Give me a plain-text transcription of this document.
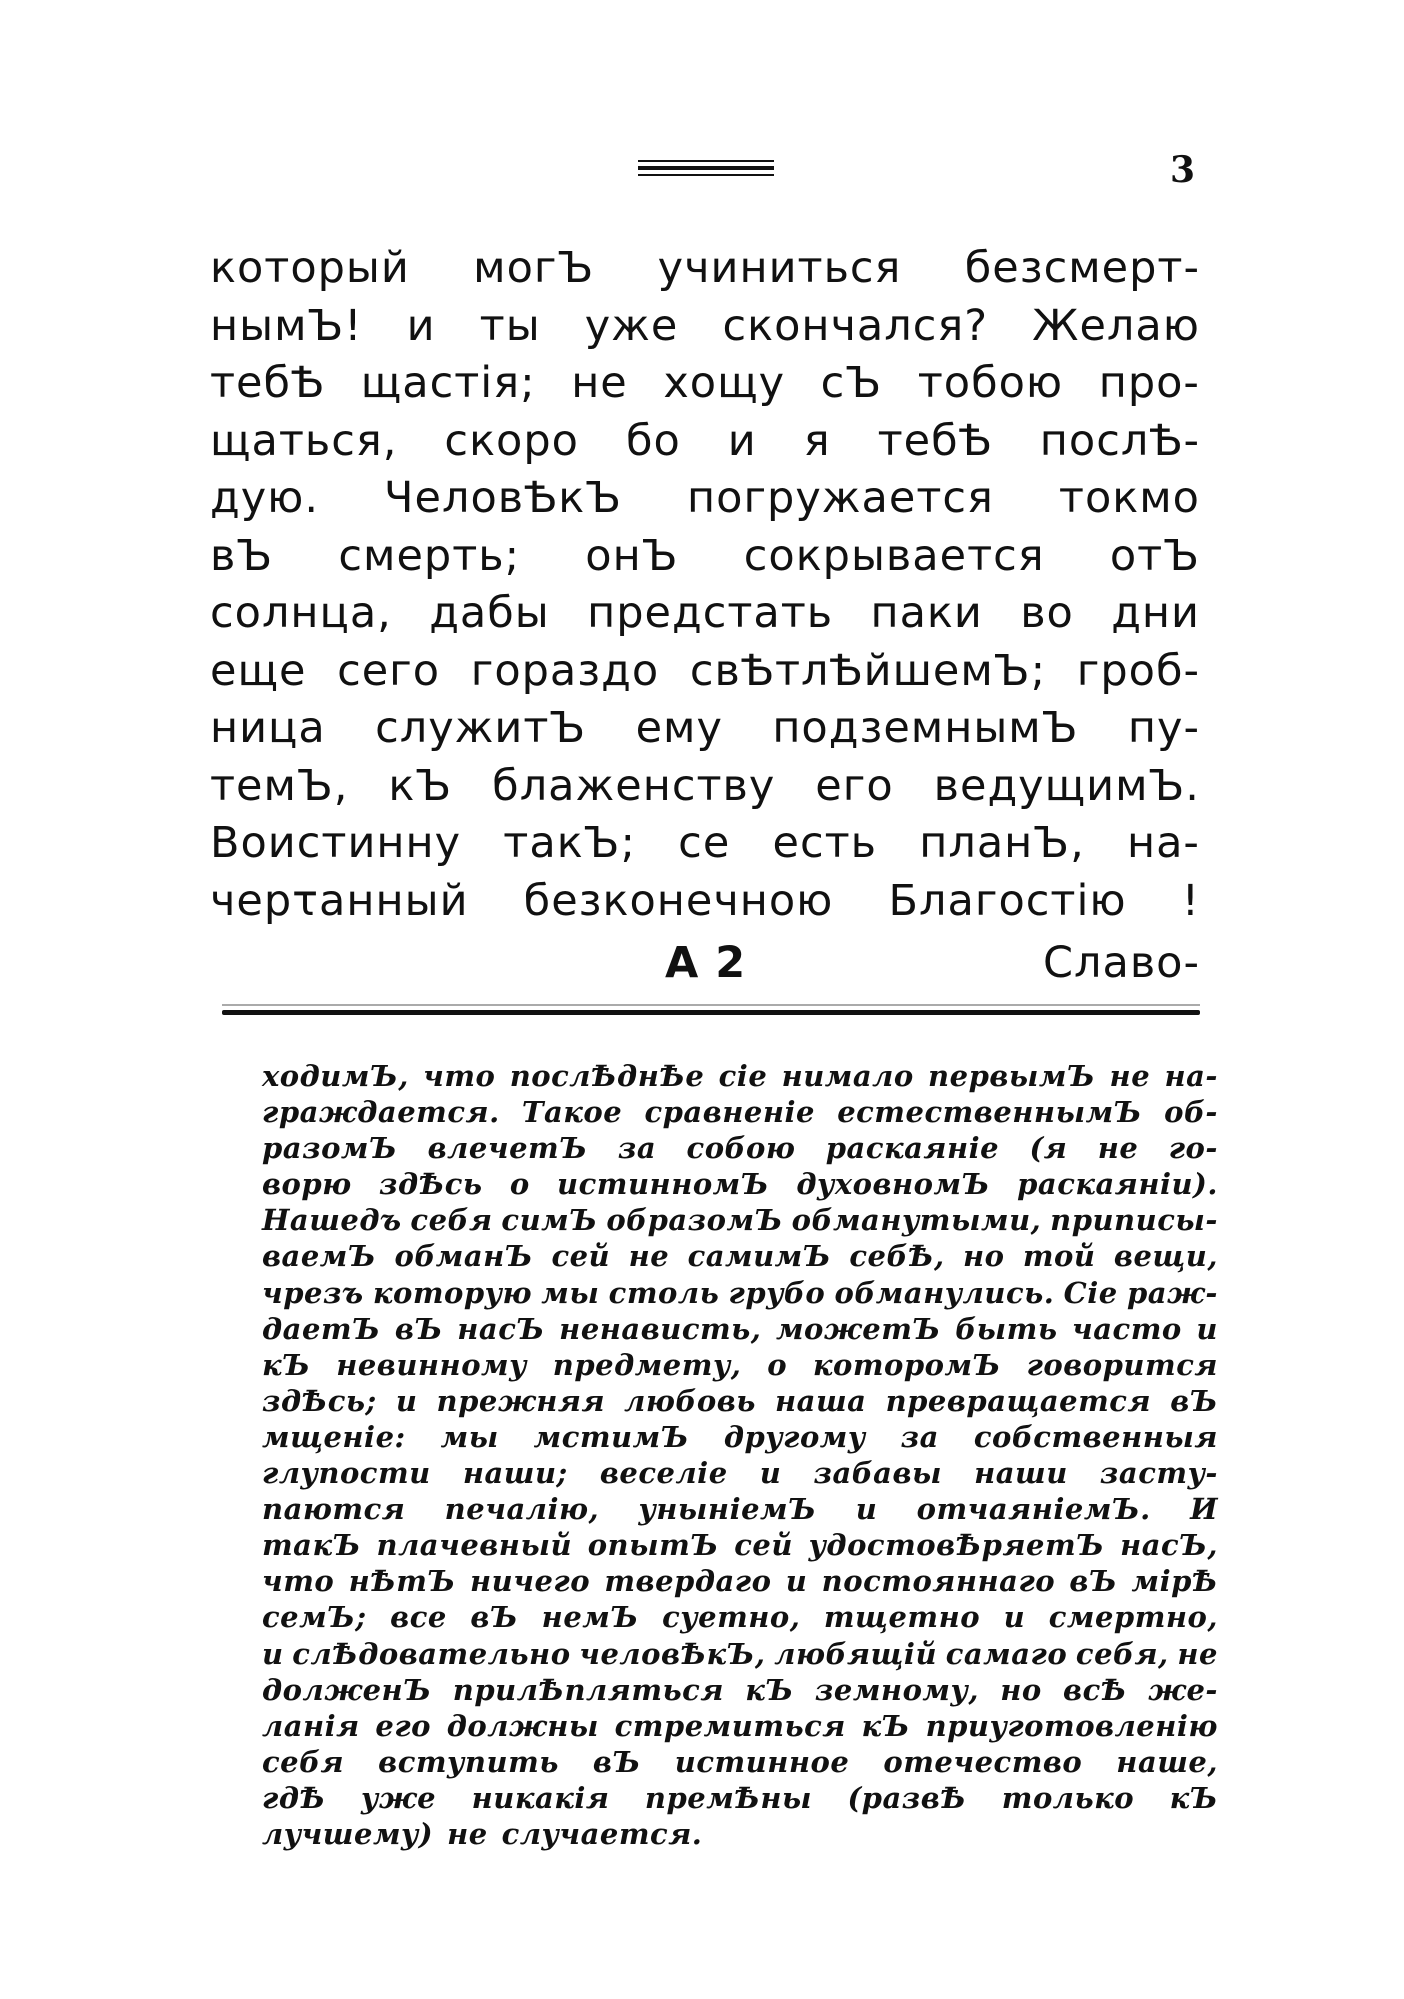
3
который могЪ учиниться безсмерт-
нымЪ! и ты уже скончался? Желаю
тебѢ щастія; не хощу сЪ тобою про-
щаться, скоро бо и я тебѢ послѢ-
дую. ЧеловѢкЪ погружается токмо
вЪ смерть; онЪ сокрывается отЪ
солнца, дабы предстать паки во дни
еще сего гораздо свѢтлѢйшемЪ; гроб-
ница служитЪ ему подземнымЪ пу-
темЪ, кЪ блаженству его ведущимЪ.
Воистинну такЪ; се есть планЪ, на-
черτанный безконечною Благостію !
A 2	Славо-
ходимЪ, что послѢднѢе сіе нимало первымЪ не на-
граждается. Такое сравненіе естественнымЪ об-
разомЪ влечетЪ за собою раскаяніе (я не го-
ворю здѢсь о истинномЪ духовномЪ раскаяніи).
Нашедъ себя симЪ образомЪ обманутыми, приписы-
ваемЪ обманЪ сей не самимЪ себѢ, но той вещи,
чрезъ которую мы столь грубо обманулись. Сіе раж-
даетЪ вЪ насЪ ненависть, можетЪ быть часто и
кЪ невинному предмету, о которомЪ говорится
здѢсь; и прежняя любовь наша превращается вЪ
мщеніе: мы мстимЪ другому за собственныя
глупости наши; веселіе и забавы наши засту-
паются печалію, уныніемЪ и отчаяніемЪ. И
такЪ плачевный опытЪ сей удостовѢряетЪ насЪ,
что нѢтЪ ничего твердаго и постояннаго вЪ мірѢ
семЪ; все вЪ немЪ суетно, тщетно и смертно,
и слѢдовательно человѢкЪ, любящій самаго себя, не
долженЪ прилѢпляться кЪ земному, но всѢ же-
ланія его должны стремиться кЪ приуготовленію
себя вступить вЪ истинное отечество наше,
гдѢ уже никакія премѢны (развѢ только кЪ
лучшему) не случается.
